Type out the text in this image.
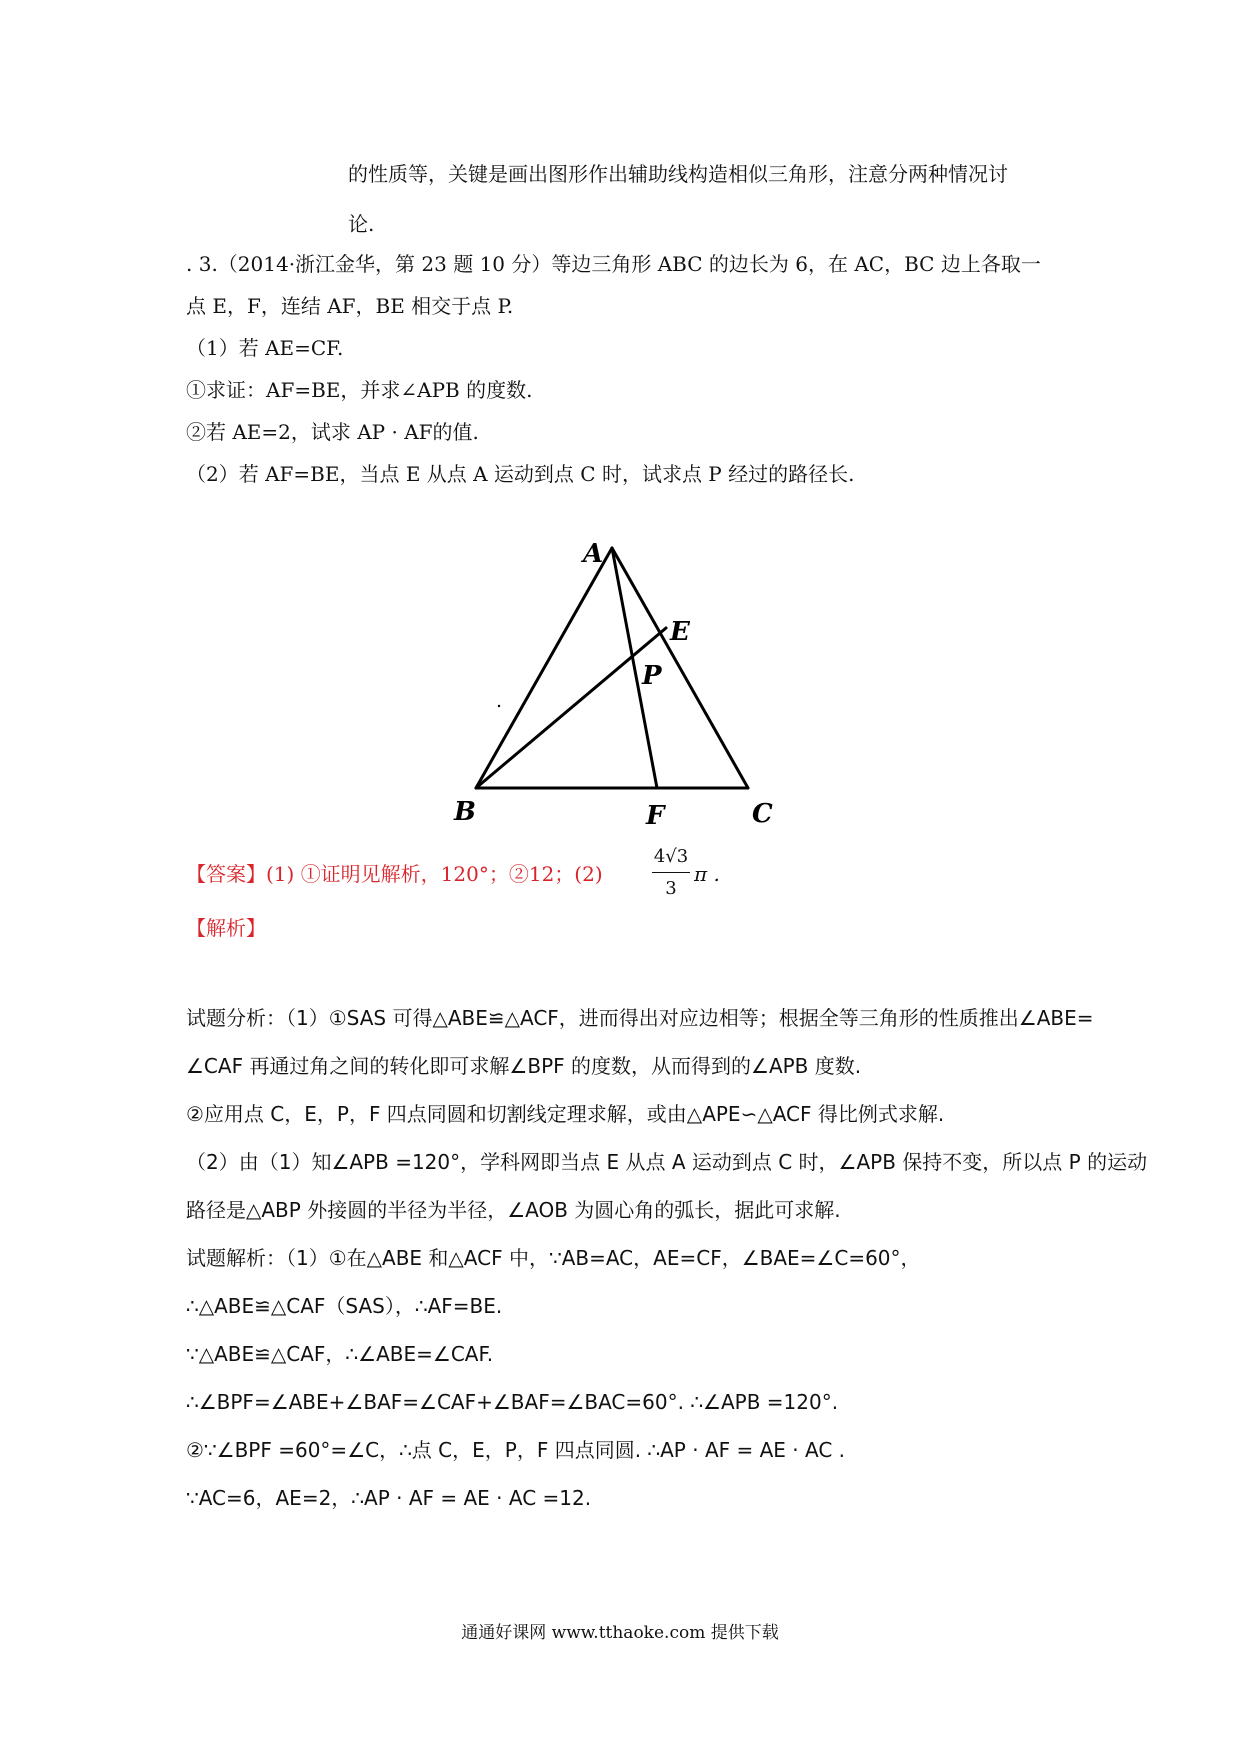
的性质等，关键是画出图形作出辅助线构造相似三角形，注意分两种情况讨
论.
. 3.（2014·浙江金华，第 23 题 10 分）等边三角形 ABC 的边长为 6，在 AC，BC 边上各取一
点 E，F，连结 AF，BE 相交于点 P.
（1）若 AE=CF.
①求证：AF=BE，并求∠APB 的度数.
②若 AE=2，试求 AP · AF的值.
（2）若 AF=BE，当点 E 从点 A 运动到点 C 时，试求点 P 经过的路径长.
A
B	C
E
F
P
【答案】(1) ①证明见解析，120°；②12；(2)
4√3
3
π .
【解析】
试题分析：（1）①SAS 可得△ABE≌△ACF，进而得出对应边相等；根据全等三角形的性质推出∠ABE=
∠CAF 再通过角之间的转化即可求解∠BPF 的度数，从而得到的∠APB 度数.
②应用点 C，E，P，F 四点同圆和切割线定理求解，或由△APE∽△ACF 得比例式求解.
（2）由（1）知∠APB =120°，学科网即当点 E 从点 A 运动到点 C 时，∠APB 保持不变，所以点 P 的运动
路径是△ABP 外接圆的半径为半径，∠AOB 为圆心角的弧长，据此可求解.
试题解析：（1）①在△ABE 和△ACF 中，∵AB=AC，AE=CF，∠BAE=∠C=60°，
∴△ABE≌△CAF（SAS），∴AF=BE.
∵△ABE≌△CAF，∴∠ABE=∠CAF.
∴∠BPF=∠ABE+∠BAF=∠CAF+∠BAF=∠BAC=60°. ∴∠APB =120°.
②∵∠BPF =60°=∠C，∴点 C，E，P，F 四点同圆. ∴AP · AF = AE · AC .
∵AC=6，AE=2，∴AP · AF = AE · AC =12.
通通好课网 www.tthaoke.com 提供下载
